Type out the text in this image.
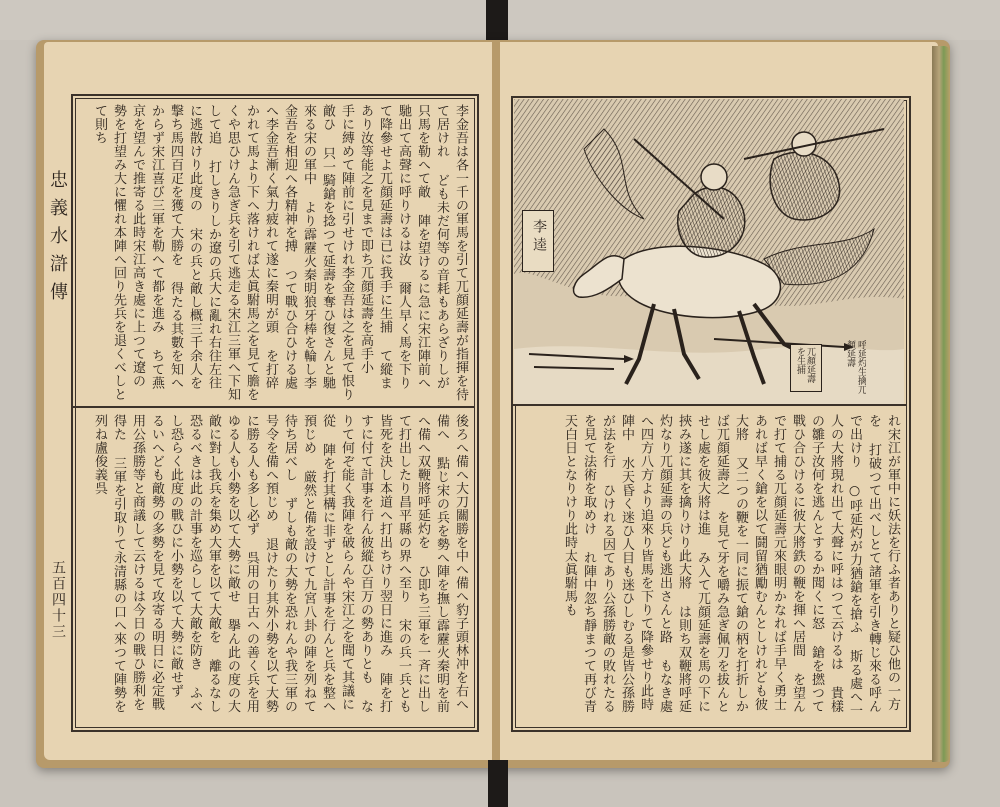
忠義水滸傳
五百四十三
李金吾は各一千の軍馬を引て兀顔延壽が指揮を待て居けれ ども未だ何等の音耗もあらざりしが只馬を勒へて敵 陣を望けるに急に宋江陣前へ馳出て高聲に呼りけるは汝 爾人早く馬を下りて降參せよ兀顔延壽は已に我手に生捕 て縱まあり汝等能之を見まで即ち兀顔延壽を高手小 手に縛めて陣前に引せけれ李金吾は之を見て恨り敵ひ 只一騎鎗を捻つて延壽を奪ひ復さんと馳來る宋の軍中 より霹靂火秦明狼牙棒を輪し李金吾を相迎へ各精神を搏 つて戰ひ合ひける處へ李金吾漸く氣力疲れて遂に秦明が頭 を打碎かれて馬より下へ落ければ太眞駙馬之を見て膽を くや思ひけん急ぎ兵を引て逃走る宋江三軍へ下知して追 打しきりしか遼の兵大に亂れ右往左往に逃散けり此度の 宋の兵と敵し概三千余人を撃ち馬四百疋を獲て大勝を 得たる其數を知へからず宋江喜び三軍を勒へて都を進み ちて燕京を望んで推寄る此時宋江高き處に上つて遼の 勢を打望み大に懼れ本陣へ回り先兵を退くべしとて則ち
後ろへ備へ大刀關勝を中へ備へ豹子頭林冲を右へ備へ 點じ宋の兵を勢へ陣を撫し霹靂火秦明を前へ備へ双鞭將呼延灼を ひ即ち三軍を一斉に出して打出したり昌平縣の界へ至り 宋の兵一兵とも皆死を決し本道へ打出ちけり翌日に進み 陣を打すに付て計事を行ん彼縱ひ百万の勢ありとも なりて何ぞ能く我陣を破らんや宋江之を聞て其議に從 陣を打其構に非ずとし計事を行んと兵を整へ預じめ 厳然と備を設けて九宮八卦の陣を列ねて待ち居べし ずしも敵の大勢を恐れんや我三軍の号令を備へ預じめ 退けたり其外小勢を以て大勢に勝る人も多し必ず 呉用の日古への善く兵を用ゆる人も小勢を以て大勢に敵せ 擧ん此の度の大敵に對し我兵を集め大軍を以て大敵を 離るなし恐るべきは此の計事を巡らして大敵を防き ふべし恐らく此度の戰ひに小勢を以て大勢に敵せず るいへども敵勢の多勢を見て攻寄る明日に必定戰 用公孫勝等と商議して云けるは今日の戰ひ勝利を得た 三軍を引取りて永清縣の口へ來つて陣勢を列ね盧俊義呉
李逵
兀顏延壽を生捕	呼延灼生擒兀顏延壽
れ宋江が軍中に妖法を行ふ者ありと疑ひ他の一方を 打破つて出べしとて諸軍を引き轉じ來る呼んで出けり ○呼延灼が力猶鎗を搶ふ 斯る處へ一人の大將現れ出て大聲に呼はつて云けるは 貴樣の雛子汝何を逃んとするか聞くに怒 鎗を撚つて戰ひ合ひけるに彼大將鉄の鞭を揮へ居間 を望んで打て捕る兀顔延壽元來眼明かなれば手早く勇士 あれば早く鎗を以て鬪留猶勵むんとしけれども彼大將 又二つの鞭を一同に振て鎗の柄を打折しかば兀顔延壽之 を見て牙を嚼み急ぎ佩刀を拔んとせし處を彼大將は進 み入て兀顔延壽を馬の下に挾み遂に其を擒りけり此大將 は則ち双鞭將呼延灼なり兀顔延壽の兵ども逃出さんと路 もなき處へ四方八方より追來り皆馬を下りて降參せり此時陣中 水天昏く迷ひ人目も迷ひしむる是皆公孫勝が法を行 ひけれる因てあり公孫勝敵の敗れたるを見て法術を取めけ れ陣中忽ち靜まつて再び青天白日となりけり此時太眞駙馬も
